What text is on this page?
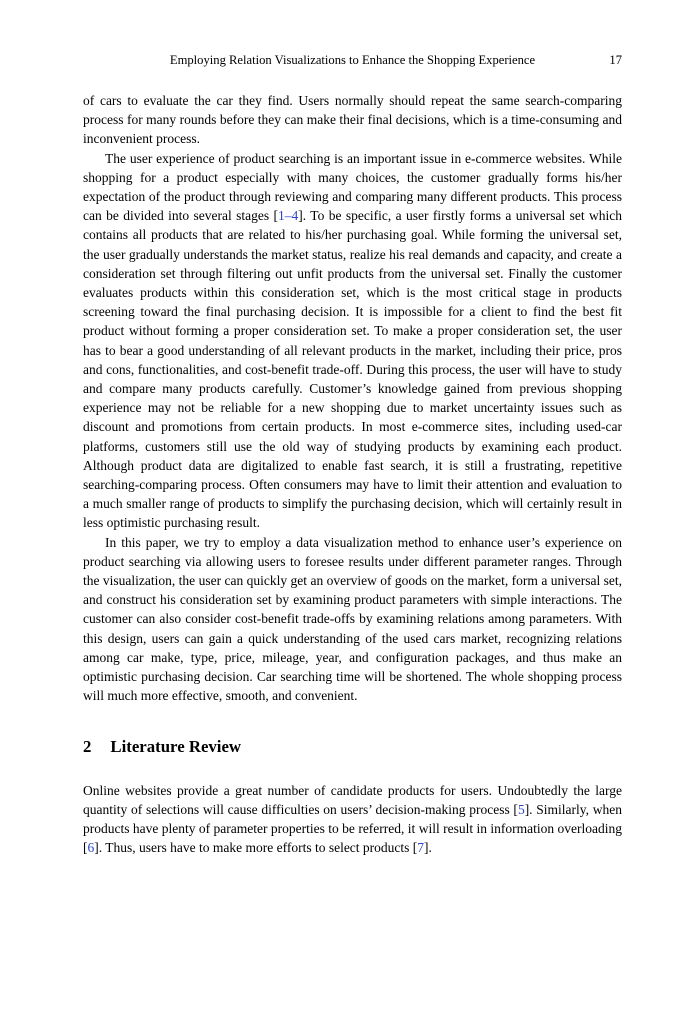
Employing Relation Visualizations to Enhance the Shopping Experience	17

of cars to evaluate the car they find. Users normally should repeat the same search-comparing process for many rounds before they can make their final decisions, which is a time-consuming and inconvenient process.

The user experience of product searching is an important issue in e-commerce websites. While shopping for a product especially with many choices, the customer gradually forms his/her expectation of the product through reviewing and comparing many different products. This process can be divided into several stages [1–4]. To be specific, a user firstly forms a universal set which contains all products that are related to his/her purchasing goal. While forming the universal set, the user gradually understands the market status, realize his real demands and capacity, and create a consideration set through filtering out unfit products from the universal set. Finally the customer evaluates products within this consideration set, which is the most critical stage in products screening toward the final purchasing decision. It is impossible for a client to find the best fit product without forming a proper consideration set. To make a proper consideration set, the user has to bear a good understanding of all relevant products in the market, including their price, pros and cons, functionalities, and cost-benefit trade-off. During this process, the user will have to study and compare many products carefully. Customer’s knowledge gained from previous shopping experience may not be reliable for a new shopping due to market uncertainty issues such as discount and promotions from certain products. In most e-commerce sites, including used-car platforms, customers still use the old way of studying products by examining each product. Although product data are digitalized to enable fast search, it is still a frustrating, repetitive searching-comparing process. Often consumers may have to limit their attention and evaluation to a much smaller range of products to simplify the purchasing decision, which will certainly result in less optimistic purchasing result.

In this paper, we try to employ a data visualization method to enhance user’s experience on product searching via allowing users to foresee results under different parameter ranges. Through the visualization, the user can quickly get an overview of goods on the market, form a universal set, and construct his consideration set by examining product parameters with simple interactions. The customer can also consider cost-benefit trade-offs by examining relations among parameters. With this design, users can gain a quick understanding of the used cars market, recognizing relations among car make, type, price, mileage, year, and configuration packages, and thus make an optimistic purchasing decision. Car searching time will be shortened. The whole shopping process will much more effective, smooth, and convenient.

2 Literature Review

Online websites provide a great number of candidate products for users. Undoubtedly the large quantity of selections will cause difficulties on users’ decision-making process [5]. Similarly, when products have plenty of parameter properties to be referred, it will result in information overloading [6]. Thus, users have to make more efforts to select products [7].
